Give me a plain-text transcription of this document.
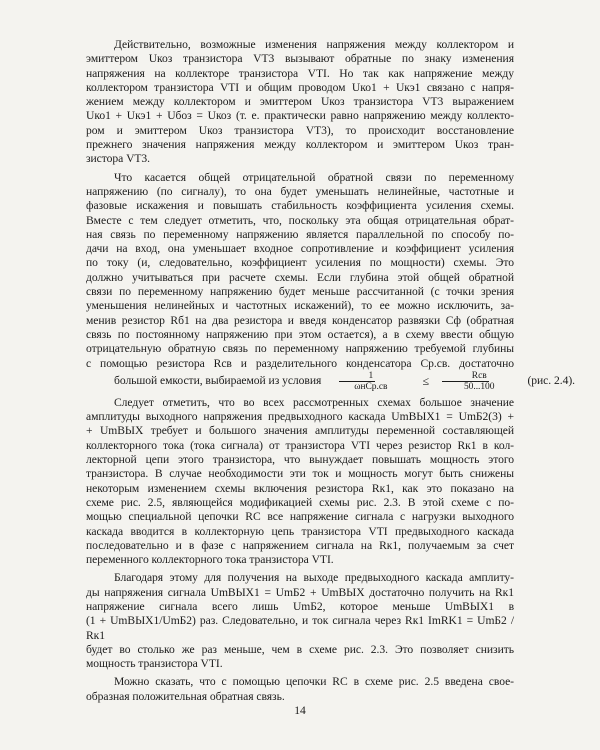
Действительно, возможные изменения напряжения между коллектором и
эмиттером Uкоз транзистора VT3 вызывают обратные по знаку изменения
напряжения на коллекторе транзистора VTI. Но так как напряжение между
коллектором транзистора VTI и общим проводом Uко1 + Uкэ1 связано с напря-
жением между коллектором и эмиттером Uкоз транзистора VT3 выражением
Uко1 + Uкэ1 + Uбоз = Uкоз (т. е. практически равно напряжению между коллекто-
ром и эмиттером Uкоз транзистора VT3), то происходит восстановление
прежнего значения напряжения между коллектором и эмиттером Uкоз тран-
зистора VT3.

Что касается общей отрицательной обратной связи по переменному
напряжению (по сигналу), то она будет уменьшать нелинейные, частотные и
фазовые искажения и повышать стабильность коэффициента усиления схемы.
Вместе с тем следует отметить, что, поскольку эта общая отрицательная обрат-
ная связь по переменному напряжению является параллельной по способу по-
дачи на вход, она уменьшает входное сопротивление и коэффициент усиления
по току (и, следовательно, коэффициент усиления по мощности) схемы. Это
должно учитываться при расчете схемы. Если глубина этой общей обратной
связи по переменному напряжению будет меньше рассчитанной (с точки зрения
уменьшения нелинейных и частотных искажений), то ее можно исключить, за-
менив резистор Rб1 на два резистора и введя конденсатор развязки Cф (обратная
связь по постоянному напряжению при этом остается), а в схему ввести общую
отрицательную обратную связь по переменному напряжению требуемой глубины
с помощью резистора Rсв и разделительного конденсатора Cр.св. достаточно
большой емкости, выбираемой из условия $\frac{1}{\text{ωнCр.св}}$	≤ $\frac{\text{Rсв}}{50...100}$	(рис. 2.4).

Следует отметить, что во всех рассмотренных схемах большое значение
амплитуды выходного напряжения предвыходного каскада UmВЫХ1 = UmБ2(3) +
+ UmВЫХ требует и большого значения амплитуды переменной составляющей
коллекторного тока (тока сигнала) от транзистора VTI через резистор Rк1 в кол-
лекторной цепи этого транзистора, что вынуждает повышать мощность этого
транзистора. В случае необходимости эти ток и мощность могут быть снижены
некоторым изменением схемы включения резистора Rк1, как это показано на
схеме рис. 2.5, являющейся модификацией схемы рис. 2.3. В этой схеме с по-
мощью специальной цепочки RC все напряжение сигнала с нагрузки выходного
каскада вводится в коллекторную цепь транзистора VTI предвыходного каскада
последовательно и в фазе с напряжением сигнала на Rк1, получаемым за счет
переменного коллекторного тока транзистора VTI.

Благодаря этому для получения на выходе предвыходного каскада амплиту-
ды напряжения сигнала UmВЫХ1 = UmБ2 + UmВЫХ достаточно получить на Rк1
напряжение сигнала всего лишь UmБ2, которое меньше UmВЫХ1 в
(1 + UmВЫХ1/UmБ2) раз. Следовательно, и ток сигнала через Rк1 ImRK1 = UmБ2 / Rк1
будет во столько же раз меньше, чем в схеме рис. 2.3. Это позволяет снизить
мощность транзистора VTI.

Можно сказать, что с помощью цепочки RC в схеме рис. 2.5 введена свое-
образная положительная обратная связь.

14
